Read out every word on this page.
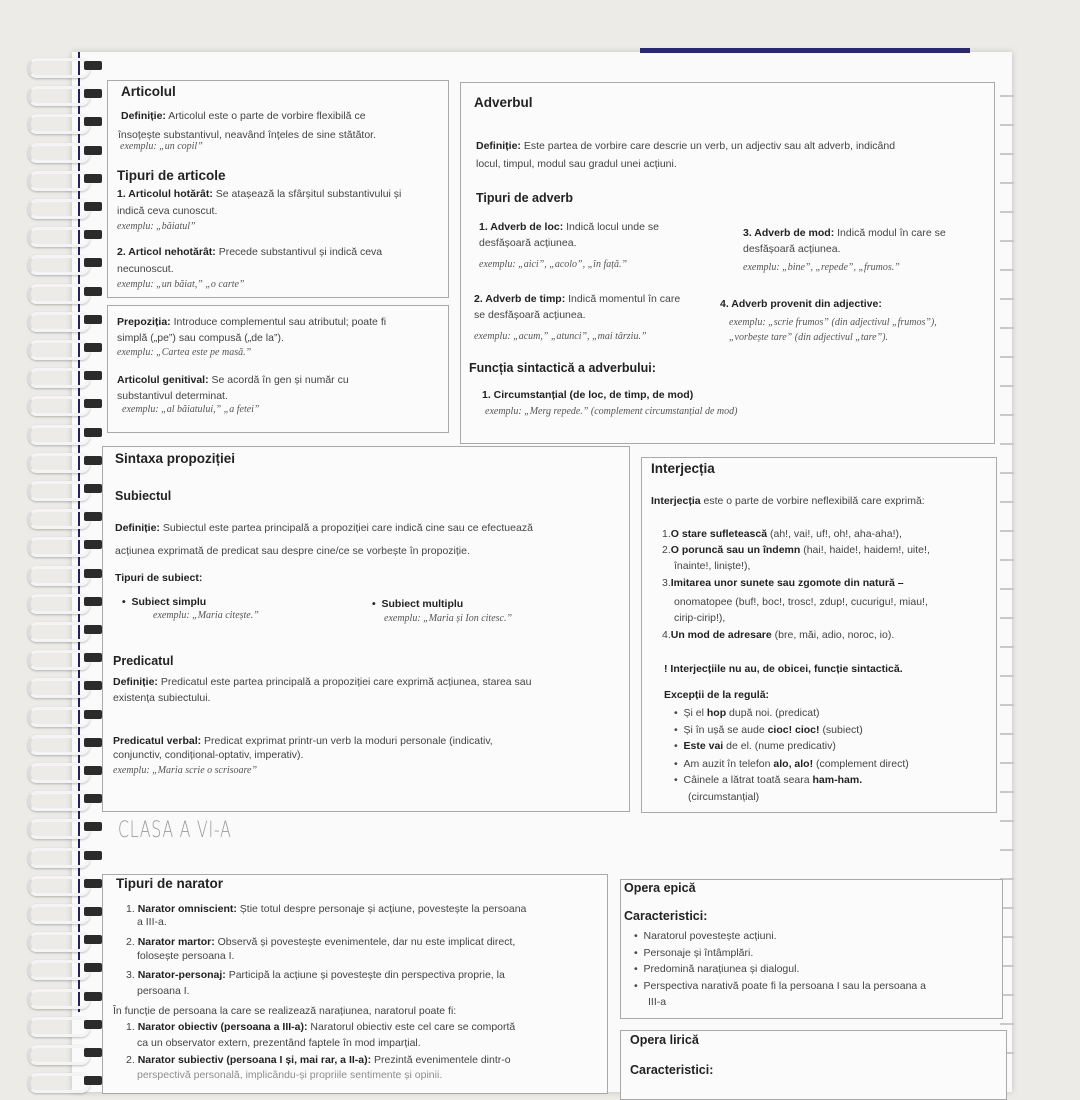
Articolul
Definiție: Articolul este o parte de vorbire flexibilă ce
însoțește substantivul, neavând înțeles de sine stătător.
exemplu: „un copil”
Tipuri de articole
1. Articolul hotărât: Se atașează la sfârșitul substantivului și
indică ceva cunoscut.
exemplu: „băiatul”
2. Articol nehotărât: Precede substantivul și indică ceva
necunoscut.
exemplu: „un băiat,” „o carte”
Prepoziția: Introduce complementul sau atributul; poate fi
simplă („pe”) sau compusă („de la”).
exemplu: „Cartea este pe masă.”
Articolul genitival: Se acordă în gen și număr cu
substantivul determinat.
exemplu: „al băiatului,” „a fetei”
Adverbul
Definiție: Este partea de vorbire care descrie un verb, un adjectiv sau alt adverb, indicând
locul, timpul, modul sau gradul unei acțiuni.
Tipuri de adverb
1. Adverb de loc: Indică locul unde se
desfășoară acțiunea.
exemplu: „aici”, „acolo”, „în față.”
3. Adverb de mod: Indică modul în care se
desfășoară acțiunea.
exemplu: „bine”, „repede”, „frumos.”
2. Adverb de timp: Indică momentul în care
se desfășoară acțiunea.
exemplu: „acum,” „atunci”, „mai târziu.”
4. Adverb provenit din adjective:
exemplu: „scrie frumos” (din adjectivul „frumos”),
„vorbește tare” (din adjectivul „tare”).
Funcția sintactică a adverbului:
1. Circumstanțial (de loc, de timp, de mod)
exemplu: „Merg repede.” (complement circumstanțial de mod)
Sintaxa propoziției
Subiectul
Definiție: Subiectul este partea principală a propoziției care indică cine sau ce efectuează
acțiunea exprimată de predicat sau despre cine/ce se vorbește în propoziție.
Tipuri de subiect:
•  Subiect simplu
exemplu: „Maria citește.”
•  Subiect multiplu
exemplu: „Maria și Ion citesc.”
Predicatul
Definiție: Predicatul este partea principală a propoziției care exprimă acțiunea, starea sau
existența subiectului.
Predicatul verbal: Predicat exprimat printr-un verb la moduri personale (indicativ,
conjunctiv, condițional-optativ, imperativ).
exemplu: „Maria scrie o scrisoare”
Interjecția
Interjecția este o parte de vorbire neflexibilă care exprimă:
1.O stare sufletească (ah!, vai!, uf!, oh!, aha-aha!),
2.O poruncă sau un îndemn (hai!, haide!, haidem!, uite!,
înainte!, liniște!),
3.Imitarea unor sunete sau zgomote din natură –
onomatopee (buf!, boc!, trosc!, zdup!, cucurigu!, miau!,
cirip-cirip!),
4.Un mod de adresare (bre, măi, adio, noroc, io).
! Interjecțiile nu au, de obicei, funcție sintactică.
Excepții de la regulă:
•  Și el hop după noi. (predicat)
•  Și în ușă se aude cioc! cioc! (subiect)
•  Este vai de el. (nume predicativ)
•  Am auzit în telefon alo, alo! (complement direct)
•  Câinele a lătrat toată seara ham-ham.
(circumstanțial)
CLASA A VI-A
Tipuri de narator
1. Narator omniscient: Știe totul despre personaje și acțiune, povestește la persoana
a III-a.
2. Narator martor: Observă și povestește evenimentele, dar nu este implicat direct,
folosește persoana I.
3. Narator-personaj: Participă la acțiune și povestește din perspectiva proprie, la
persoana I.
În funcție de persoana la care se realizează narațiunea, naratorul poate fi:
1. Narator obiectiv (persoana a III-a): Naratorul obiectiv este cel care se comportă
ca un observator extern, prezentând faptele în mod imparțial.
2. Narator subiectiv (persoana I și, mai rar, a II-a): Prezintă evenimentele dintr-o
perspectivă personală, implicându-și propriile sentimente și opinii.
Opera epică
Caracteristici:
•  Naratorul povestește acțiuni.
•  Personaje și întâmplări.
•  Predomină narațiunea și dialogul.
•  Perspectiva narativă poate fi la persoana I sau la persoana a
III-a
Opera lirică
Caracteristici:
